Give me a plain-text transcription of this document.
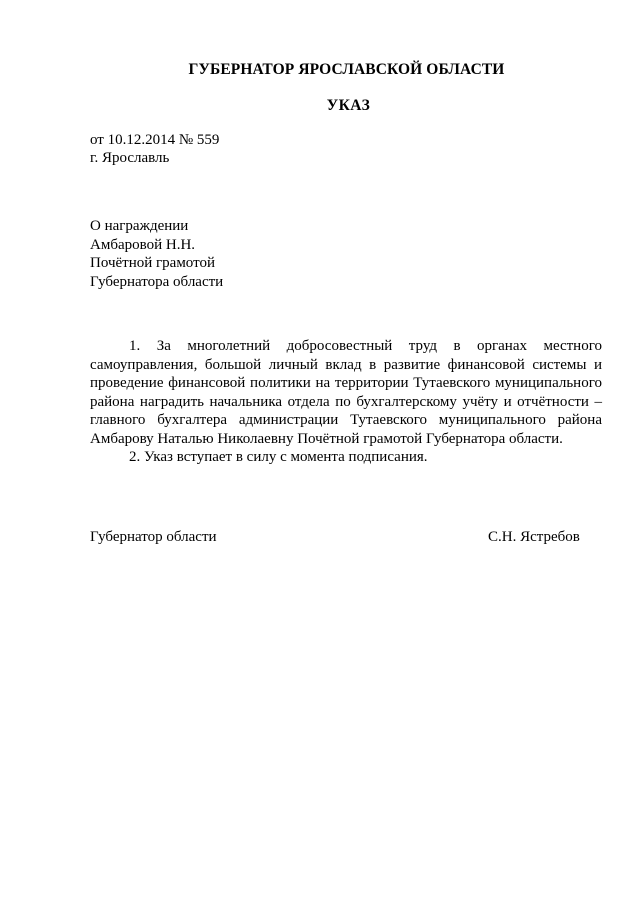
ГУБЕРНАТОР ЯРОСЛАВСКОЙ ОБЛАСТИ
УКАЗ
от 10.12.2014 № 559
г. Ярославль
О награждении
Амбаровой Н.Н.
Почётной грамотой
Губернатора области

1. За многолетний добросовестный труд в органах местного самоуправления, большой личный вклад в развитие финансовой системы и проведение финансовой политики на территории Тутаевского муниципального района наградить начальника отдела по бухгалтерскому учёту и отчётности – главного бухгалтера администрации Тутаевского муниципального района Амбарову Наталью Николаевну Почётной грамотой Губернатора области.

2. Указ вступает в силу с момента подписания.

Губернатор области	С.Н. Ястребов
